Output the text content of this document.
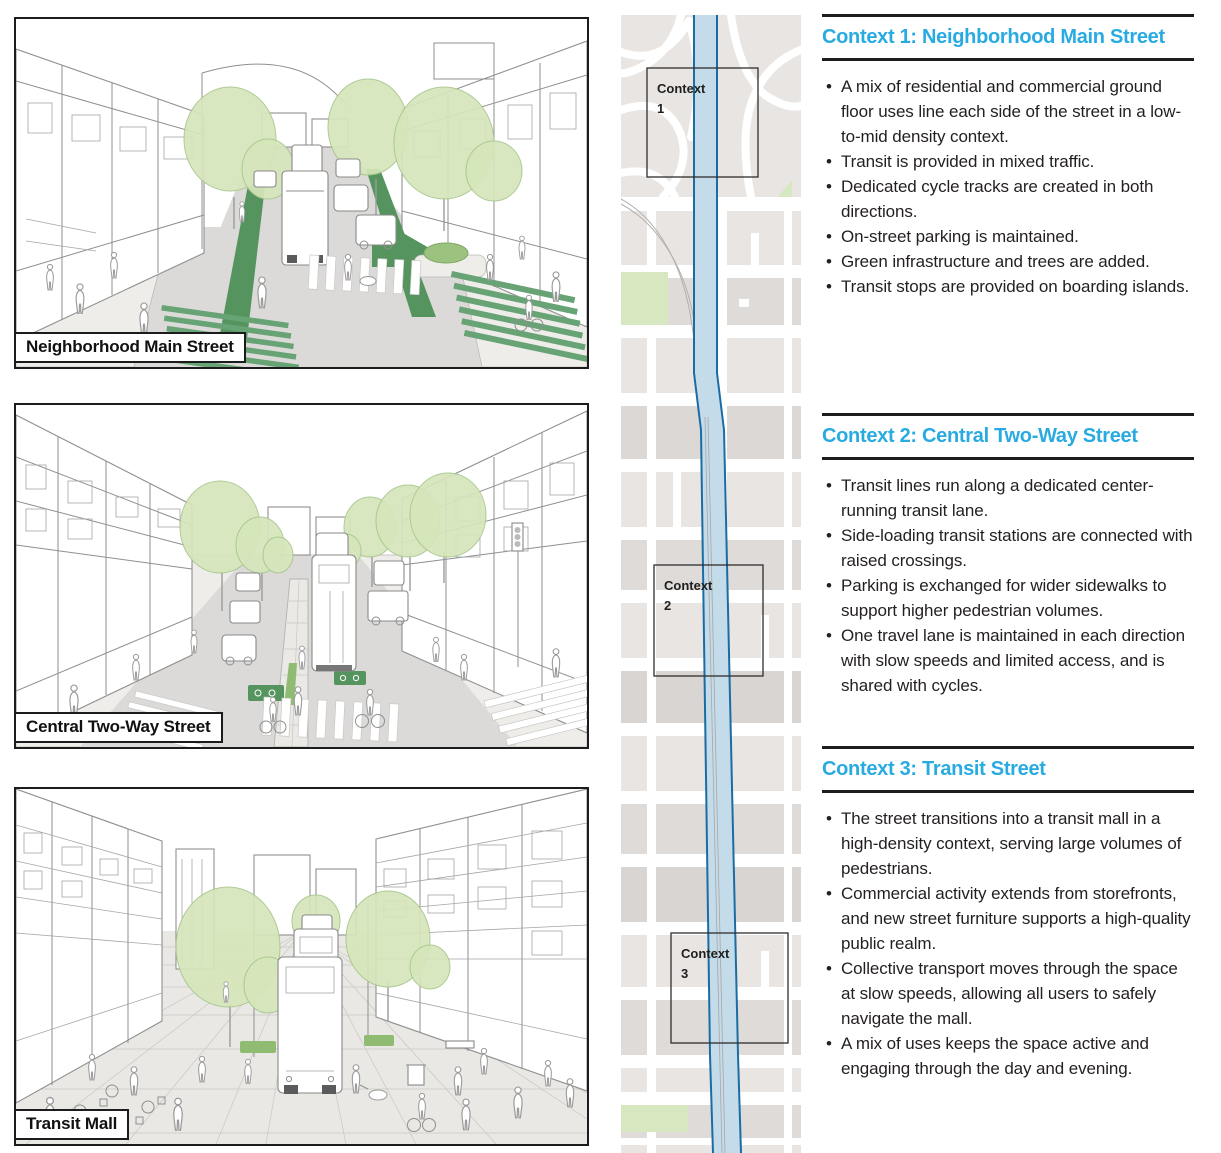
Neighborhood Main Street
Central Two-Way Street
Transit Mall
Context
1
Context
2
Context
3
Context 1: Neighborhood Main Street
• A mix of residential and commercial ground floor uses line each side of the street in a low-to-mid density context.
• Transit is provided in mixed traffic.
• Dedicated cycle tracks are created in both directions.
• On-street parking is maintained.
• Green infrastructure and trees are added.
• Transit stops are provided on boarding islands.
Context 2: Central Two-Way Street
• Transit lines run along a dedicated center-running transit lane.
• Side-loading transit stations are connected with raised crossings.
• Parking is exchanged for wider sidewalks to support higher pedestrian volumes.
• One travel lane is maintained in each direction with slow speeds and limited access, and is shared with cycles.
Context 3: Transit Street
• The street transitions into a transit mall in a high-density context, serving large volumes of pedestrians.
• Commercial activity extends from storefronts, and new street furniture supports a high-quality public realm.
• Collective transport moves through the space at slow speeds, allowing all users to safely navigate the mall.
• A mix of uses keeps the space active and engaging through the day and evening.
